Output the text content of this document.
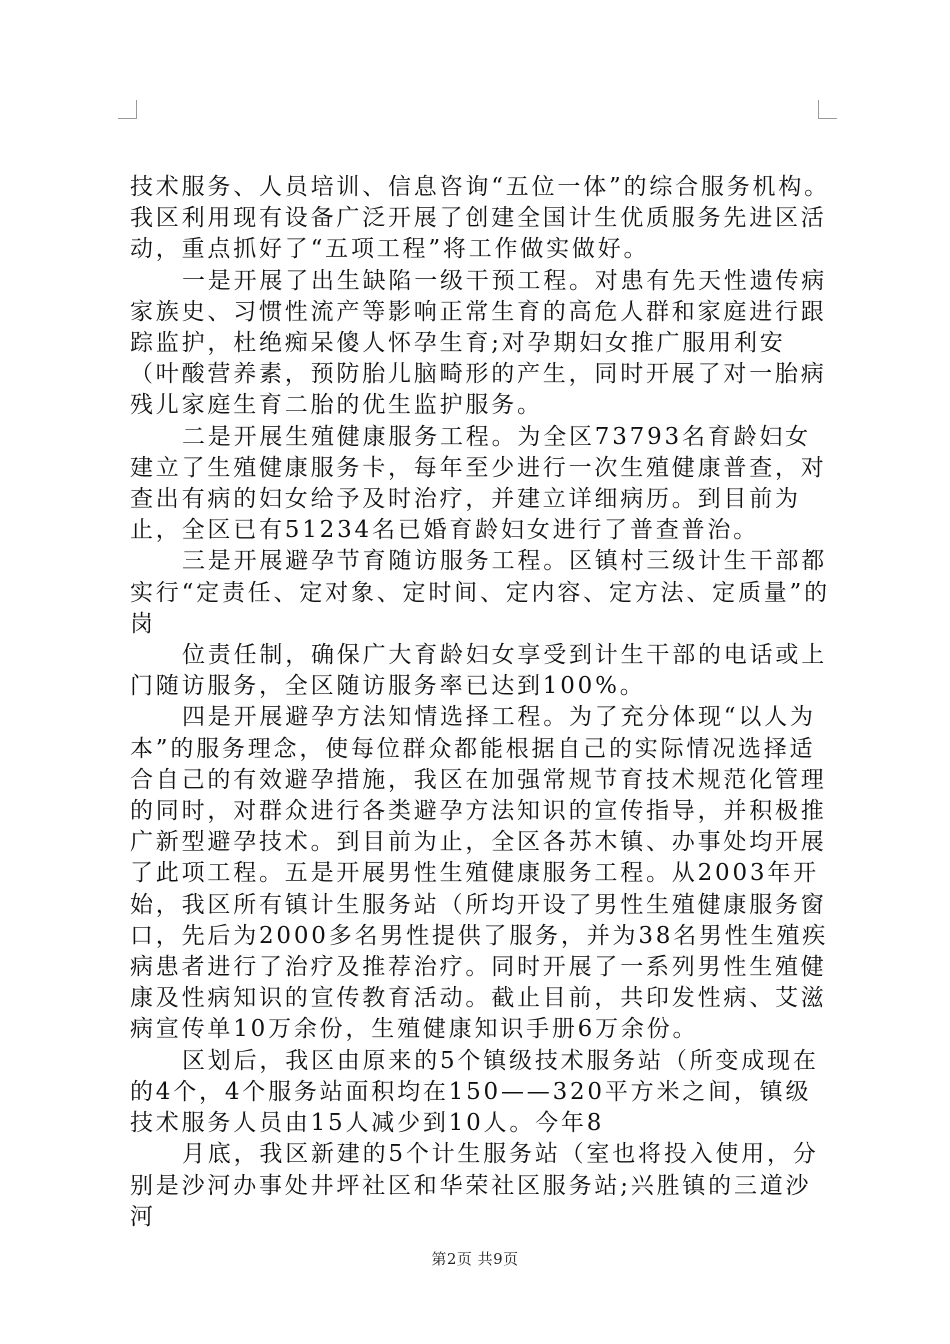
技术服务、人员培训、信息咨询“五位一体”的综合服务机构。我区利用现有设备广泛开展了创建全国计生优质服务先进区活动，重点抓好了“五项工程”将工作做实做好。

一是开展了出生缺陷一级干预工程。对患有先天性遗传病家族史、习惯性流产等影响正常生育的高危人群和家庭进行跟踪监护，杜绝痴呆傻人怀孕生育;对孕期妇女推广服用利安（叶酸营养素，预防胎儿脑畸形的产生，同时开展了对一胎病残儿家庭生育二胎的优生监护服务。

二是开展生殖健康服务工程。为全区73793名育龄妇女建立了生殖健康服务卡，每年至少进行一次生殖健康普查，对查出有病的妇女给予及时治疗，并建立详细病历。到目前为止，全区已有51234名已婚育龄妇女进行了普查普治。

三是开展避孕节育随访服务工程。区镇村三级计生干部都实行“定责任、定对象、定时间、定内容、定方法、定质量”的岗

位责任制，确保广大育龄妇女享受到计生干部的电话或上门随访服务，全区随访服务率已达到100%。

四是开展避孕方法知情选择工程。为了充分体现“以人为本”的服务理念，使每位群众都能根据自己的实际情况选择适合自己的有效避孕措施，我区在加强常规节育技术规范化管理的同时，对群众进行各类避孕方法知识的宣传指导，并积极推广新型避孕技术。到目前为止，全区各苏木镇、办事处均开展了此项工程。五是开展男性生殖健康服务工程。从2003年开始，我区所有镇计生服务站（所均开设了男性生殖健康服务窗口，先后为2000多名男性提供了服务，并为38名男性生殖疾病患者进行了治疗及推荐治疗。同时开展了一系列男性生殖健康及性病知识的宣传教育活动。截止目前，共印发性病、艾滋病宣传单10万余份，生殖健康知识手册6万余份。

区划后，我区由原来的5个镇级技术服务站（所变成现在的4个，4个服务站面积均在150——320平方米之间，镇级技术服务人员由15人减少到10人。今年8

月底，我区新建的5个计生服务站（室也将投入使用，分别是沙河办事处井坪社区和华荣社区服务站;兴胜镇的三道沙河

第2页 共9页
